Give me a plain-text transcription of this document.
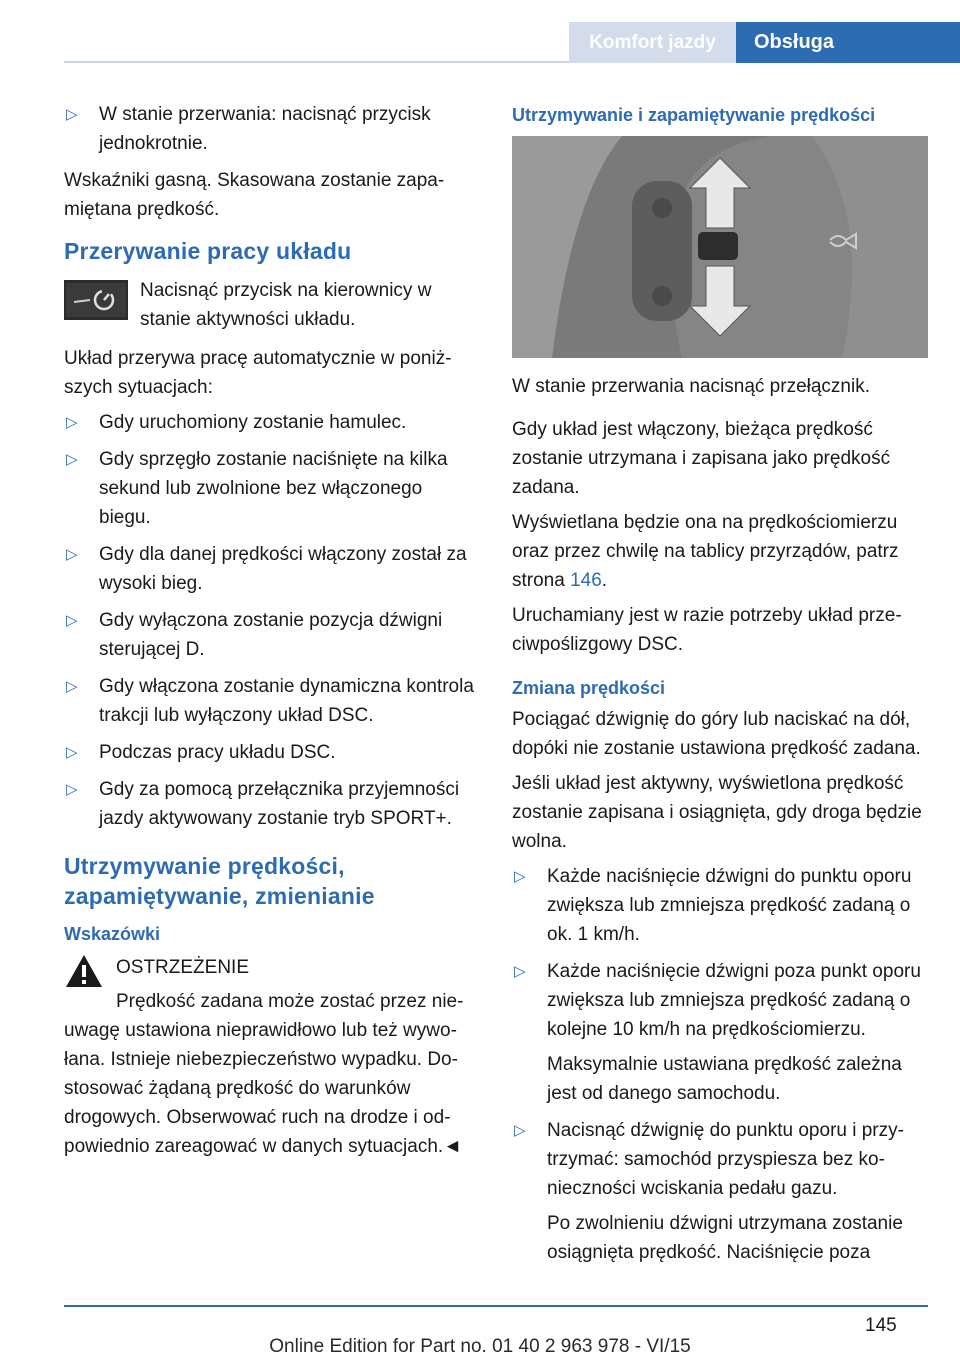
Komfort jazdy	Obsługa
▷ W stanie przerwania: nacisnąć przycisk jednokrotnie.

Wskaźniki gasną. Skasowana zostanie zapamiętana prędkość.

Przerywanie pracy układu
Nacisnąć przycisk na kierownicy w stanie aktywności układu.

Układ przerywa pracę automatycznie w poniższych sytuacjach:

▷ Gdy uruchomiony zostanie hamulec.
▷ Gdy sprzęgło zostanie naciśnięte na kilka sekund lub zwolnione bez włączonego biegu.
▷ Gdy dla danej prędkości włączony został za wysoki bieg.
▷ Gdy wyłączona zostanie pozycja dźwigni sterującej D.
▷ Gdy włączona zostanie dynamiczna kontrola trakcji lub wyłączony układ DSC.
▷ Podczas pracy układu DSC.
▷ Gdy za pomocą przełącznika przyjemności jazdy aktywowany zostanie tryb SPORT+.
Utrzymywanie prędkości, zapamiętywanie, zmienianie
Wskazówki
OSTRZEŻENIE

Prędkość zadana może zostać przez nieuwagę ustawiona nieprawidłowo lub też wywołana. Istnieje niebezpieczeństwo wypadku. Dostosować żądaną prędkość do warunków drogowych. Obserwować ruch na drodze i odpowiednio zareagować w danych sytuacjach.◄

Utrzymywanie i zapamiętywanie prędkości

W stanie przerwania nacisnąć przełącznik.

Gdy układ jest włączony, bieżąca prędkość zostanie utrzymana i zapisana jako prędkość zadana.

Wyświetlana będzie ona na prędkościomierzu oraz przez chwilę na tablicy przyrządów, patrz strona 146.

Uruchamiany jest w razie potrzeby układ przeciwpoślizgowy DSC.

Zmiana prędkości

Pociągać dźwignię do góry lub naciskać na dół, dopóki nie zostanie ustawiona prędkość zadana.

Jeśli układ jest aktywny, wyświetlona prędkość zostanie zapisana i osiągnięta, gdy droga będzie wolna.

▷ Każde naciśnięcie dźwigni do punktu oporu zwiększa lub zmniejsza prędkość zadaną o ok. 1 km/h.
▷ Każde naciśnięcie dźwigni poza punkt oporu zwiększa lub zmniejsza prędkość zadaną o kolejne 10 km/h na prędkościomierzu.

Maksymalnie ustawiana prędkość zależna jest od danego samochodu.

▷ Nacisnąć dźwignię do punktu oporu i przytrzymać: samochód przyspiesza bez konieczności wciskania pedału gazu.

Po zwolnieniu dźwigni utrzymana zostanie osiągnięta prędkość. Naciśnięcie poza

145
Online Edition for Part no. 01 40 2 963 978 - VI/15
